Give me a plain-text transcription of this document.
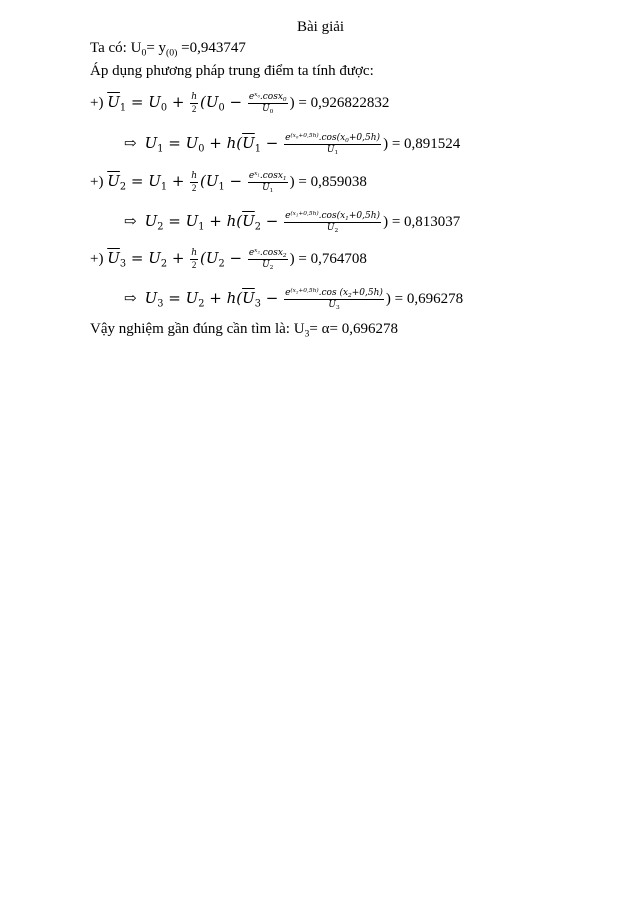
Bài giải
Ta có: $U_0= y_{(0)} =0,943747$
Áp dụng phương pháp trung điểm ta tính được:
+) $\overline{U}_1 = U_0 + \frac{h}{2} (U_0 - \frac{e^{x_0}.\cos x_0}{U_0}$ ) = 0,926822832
⇨ $U_1 = U_0 + h(\overline{U}_1 - \frac{e^{(x_0+0,5h)}.\cos(x_0+0,5h)}{\overline{U}_1}$ ) = 0,891524
+) $\overline{U}_2 = U_1 + \frac{h}{2} (U_1 - \frac{e^{x_1}.\cos x_1}{U_1}$ ) = 0,859038
⇨ $U_2 = U_1 + h(\overline{U}_2 - \frac{e^{(x_1+0,5h)}.\cos(x_1+0,5h)}{\overline{U}_2}$ ) = 0,813037
+) $\overline{U}_3 = U_2 + \frac{h}{2} (U_2 - \frac{e^{x_2}.\cos x_2}{U_2}$ ) = 0,764708
⇨ $U_3 = U_2 + h(\overline{U}_3 - \frac{e^{(x_2+0,5h)}.\cos (x_2+0,5h)}{\overline{U}_3}$ ) = 0,696278
Vậy nghiệm gần đúng cần tìm là: $U_3= \alpha= 0,696278$
